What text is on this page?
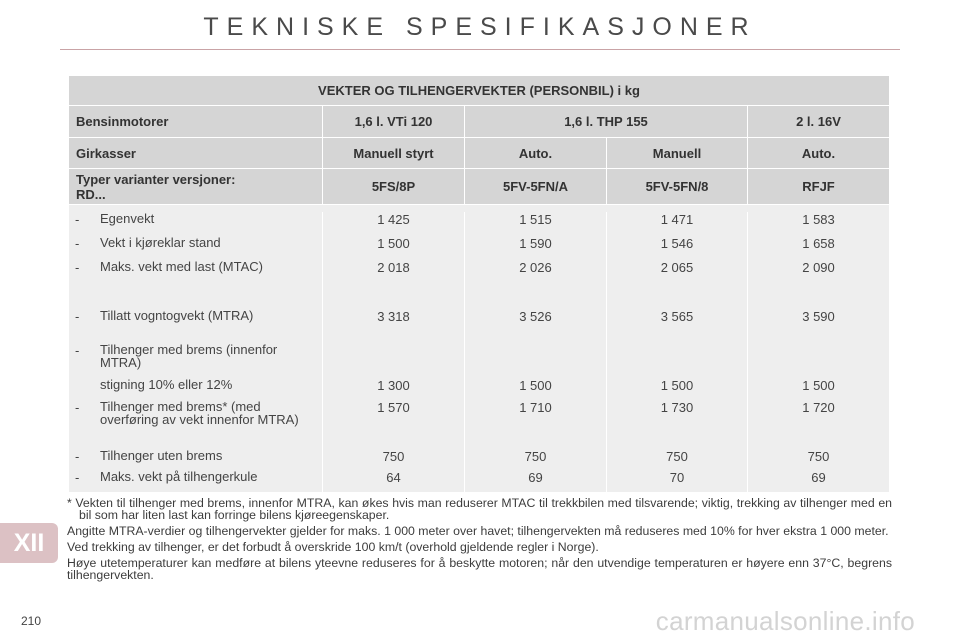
TEKNISKE SPESIFIKASJONER
VEKTER OG TILHENGERVEKTER (PERSONBIL) i kg				
Bensinmotorer	1,6 l. VTi 120	1,6 l. THP 155		2 l. 16V
Girkasser	Manuell styrt	Auto.	Manuell	Auto.

Typer varianter versjoner:
RD...	5FS/8P	5FV-5FN/A	5FV-5FN/8	RFJF

- Egenvekt	1 425	1 515	1 471	1 583

- Vekt i kjøreklar stand	1 500	1 590	1 546	1 658

- Maks. vekt med last (MTAC)	2 018	2 026	2 065	2 090

- Tillatt vogntogvekt (MTRA)	3 318	3 526	3 565	3 590

- Tilhenger med brems (innenfor MTRA)				

stigning 10% eller 12%	1 300	1 500	1 500	1 500

- Tilhenger med brems* (med overføring av vekt innenfor MTRA)	1 570	1 710	1 730	1 720

- Tilhenger uten brems	750	750	750	750

- Maks. vekt på tilhengerkule	64	69	70	69

* Vekten til tilhenger med brems, innenfor MTRA, kan økes hvis man reduserer MTAC til trekkbilen med tilsvarende; viktig, trekking av tilhenger med en bil som har liten last kan forringe bilens kjøreegenskaper.

Angitte MTRA-verdier og tilhengervekter gjelder for maks. 1 000 meter over havet; tilhengervekten må reduseres med 10% for hver ekstra 1 000 meter.

Ved trekking av tilhenger, er det forbudt å overskride 100 km/t (overhold gjeldende regler i Norge).

Høye utetemperaturer kan medføre at bilens yteevne reduseres for å beskytte motoren; når den utvendige temperaturen er høyere enn 37°C, begrens tilhengervekten.

XII
210	carmanualsonline.info
